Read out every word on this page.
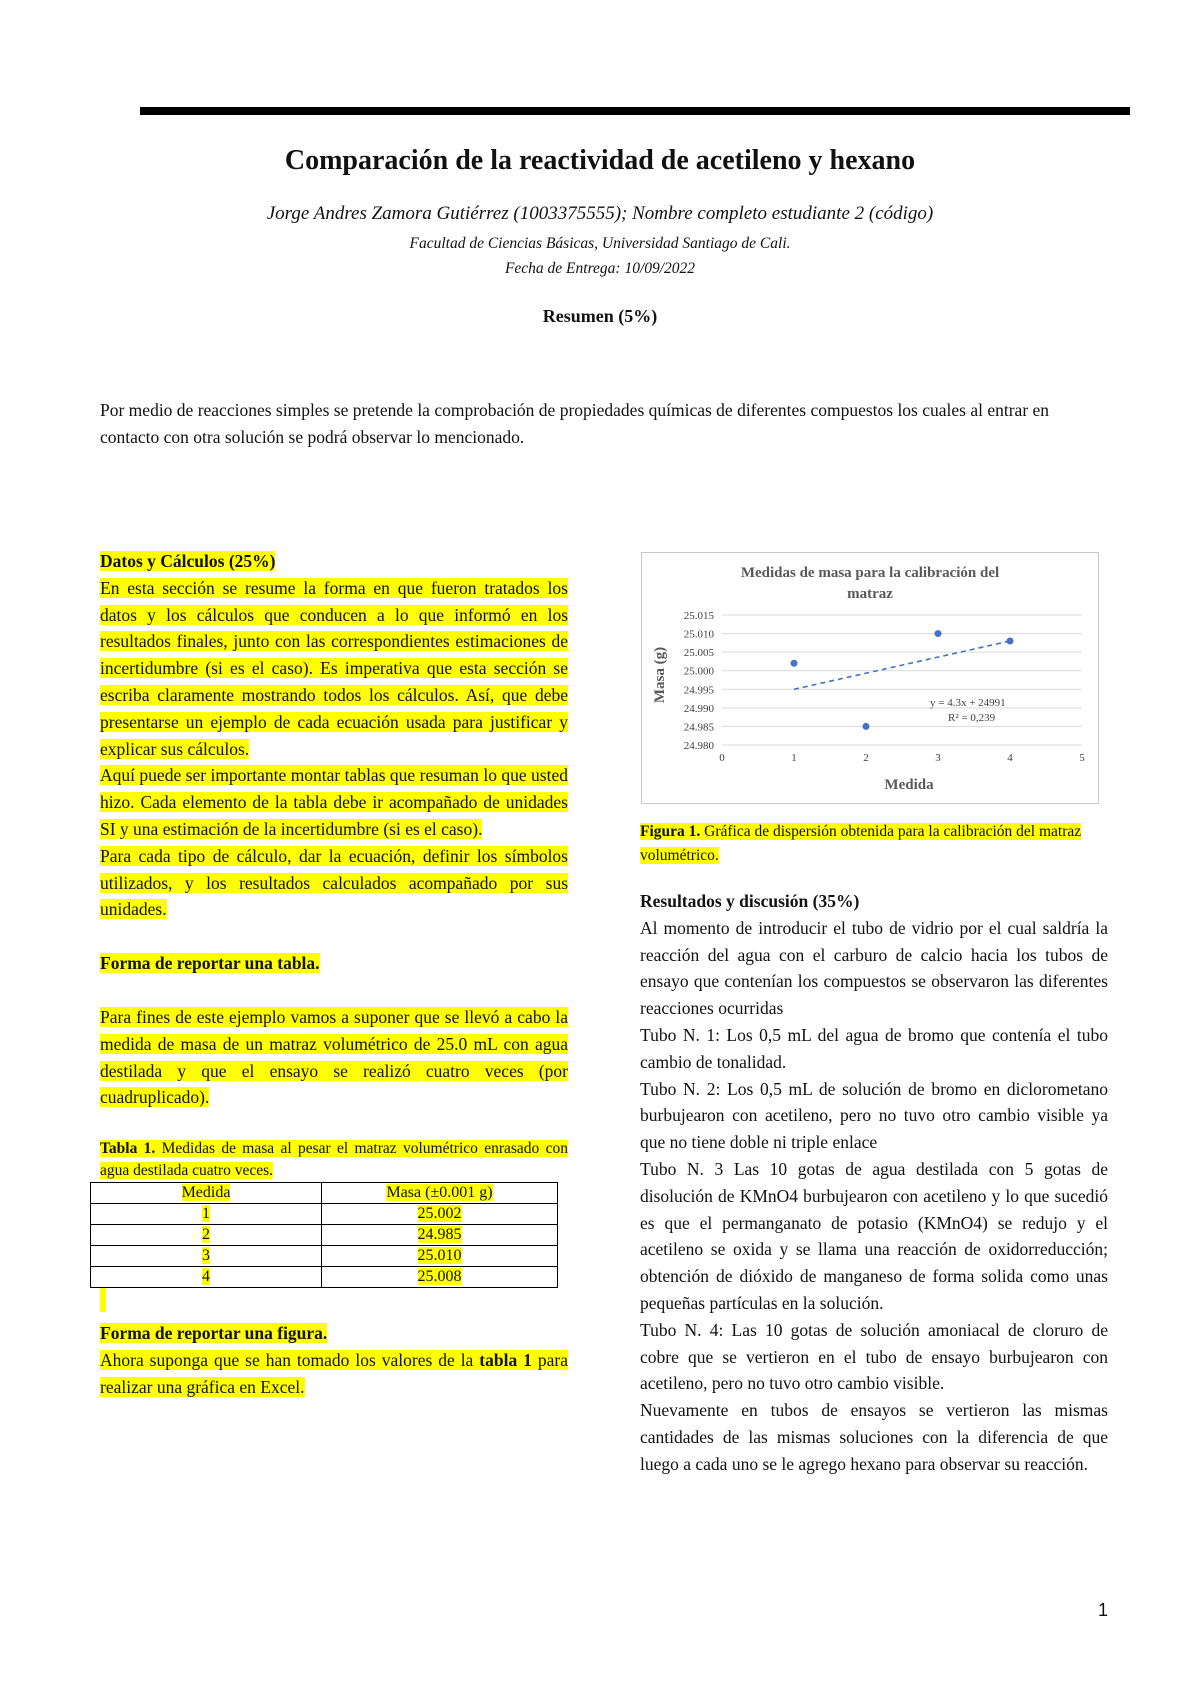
Comparación de la reactividad de acetileno y hexano
Jorge Andres Zamora Gutiérrez (1003375555); Nombre completo estudiante 2 (código)
Facultad de Ciencias Básicas, Universidad Santiago de Cali.
Fecha de Entrega: 10/09/2022
Resumen (5%)
Por medio de reacciones simples se pretende la comprobación de propiedades químicas de diferentes compuestos los cuales al entrar en contacto con otra solución se podrá observar lo mencionado.

Datos y Cálculos (25%)

En esta sección se resume la forma en que fueron tratados los datos y los cálculos que conducen a lo que informó en los resultados finales, junto con las correspondientes estimaciones de incertidumbre (si es el caso). Es imperativa que esta sección se escriba claramente mostrando todos los cálculos. Así, que debe presentarse un ejemplo de cada ecuación usada para justificar y explicar sus cálculos.

Aquí puede ser importante montar tablas que resuman lo que usted hizo. Cada elemento de la tabla debe ir acompañado de unidades SI y una estimación de la incertidumbre (si es el caso).

Para cada tipo de cálculo, dar la ecuación, definir los símbolos utilizados, y los resultados calculados acompañado por sus unidades.

Forma de reportar una tabla.

Para fines de este ejemplo vamos a suponer que se llevó a cabo la medida de masa de un matraz volumétrico de 25.0 mL con agua destilada y que el ensayo se realizó cuatro veces (por cuadruplicado).

Tabla 1. Medidas de masa al pesar el matraz volumétrico enrasado con agua destilada cuatro veces.

Medida	Masa (±0.001 g)
1	25.002
2	24.985
3	25.010
4	25.008

Forma de reportar una figura.

Ahora suponga que se han tomado los valores de la tabla 1 para realizar una gráfica en Excel.

Medidas de masa para la calibración del
matraz
24.980
24.985
24.990
24.995
25.000
25.005
25.010
25.015
0	1	2	3	4	5
y = 4.3x + 24991
R² = 0,239
Medida
Masa (g)
Figura 1. Gráfica de dispersión obtenida para la calibración del matraz volumétrico.

Resultados y discusión (35%)

Al momento de introducir el tubo de vidrio por el cual saldría la reacción del agua con el carburo de calcio hacia los tubos de ensayo que contenían los compuestos se observaron las diferentes reacciones ocurridas

Tubo N. 1: Los 0,5 mL del agua de bromo que contenía el tubo cambio de tonalidad.

Tubo N. 2: Los 0,5 mL de solución de bromo en diclorometano burbujearon con acetileno, pero no tuvo otro cambio visible ya que no tiene doble ni triple enlace

Tubo N. 3 Las 10 gotas de agua destilada con 5 gotas de disolución de KMnO4 burbujearon con acetileno y lo que sucedió es que el permanganato de potasio (KMnO4) se redujo y el acetileno se oxida y se llama una reacción de oxidorreducción; obtención de dióxido de manganeso de forma solida como unas pequeñas partículas en la solución.

Tubo N. 4: Las 10 gotas de solución amoniacal de cloruro de cobre que se vertieron en el tubo de ensayo burbujearon con acetileno, pero no tuvo otro cambio visible.

Nuevamente en tubos de ensayos se vertieron las mismas cantidades de las mismas soluciones con la diferencia de que luego a cada uno se le agrego hexano para observar su reacción.

1
